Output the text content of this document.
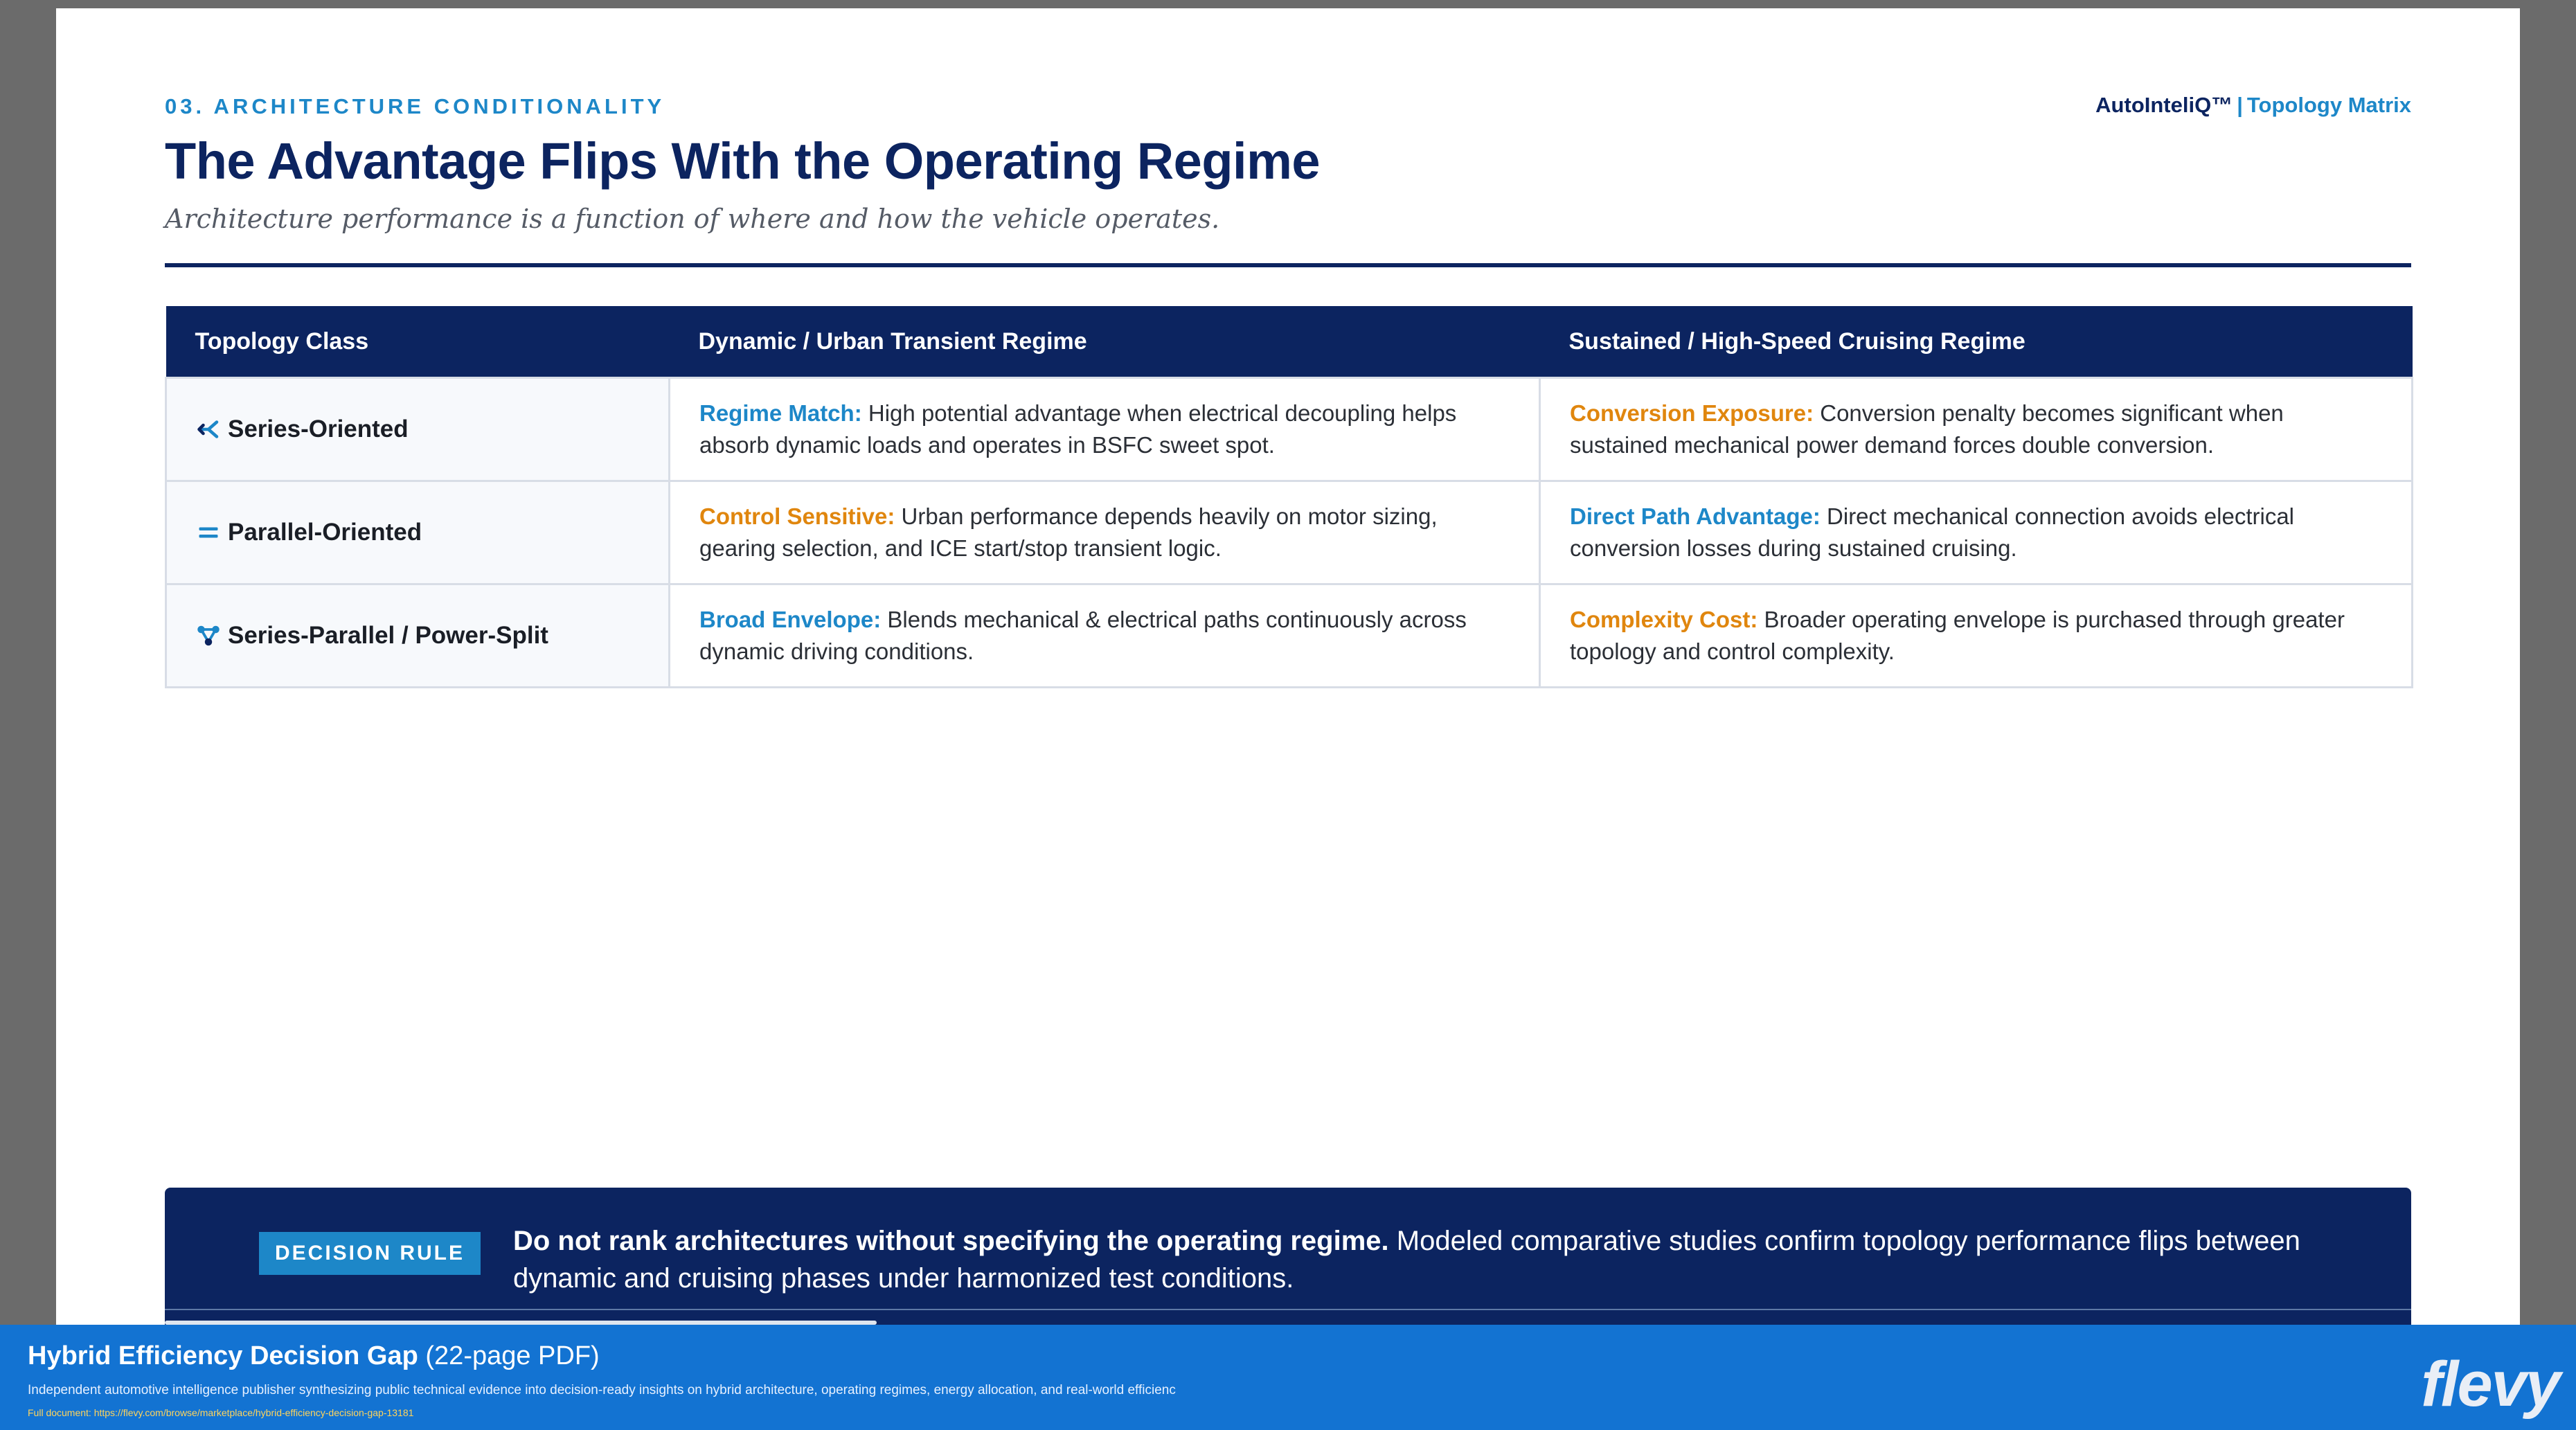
03. ARCHITECTURE CONDITIONALITY	AutoInteliQ™ | Topology Matrix
The Advantage Flips With the Operating Regime
Architecture performance is a function of where and how the vehicle operates.
Topology Class	Dynamic / Urban Transient Regime	Sustained / High-Speed Cruising Regime

Series-Oriented	Regime Match: High potential advantage when electrical decoupling helps absorb dynamic loads and operates in BSFC sweet spot.	Conversion Exposure: Conversion penalty becomes significant when sustained mechanical power demand forces double conversion.

Parallel-Oriented	Control Sensitive: Urban performance depends heavily on motor sizing, gearing selection, and ICE start/stop transient logic.	Direct Path Advantage: Direct mechanical connection avoids electrical conversion losses during sustained cruising.

Series-Parallel / Power-Split	Broad Envelope: Blends mechanical & electrical paths continuously across dynamic driving conditions.	Complexity Cost: Broader operating envelope is purchased through greater topology and control complexity.
DECISION RULE	Do not rank architectures without specifying the operating regime. Modeled comparative studies confirm topology performance flips between dynamic and cruising phases under harmonized test conditions.
Hybrid Efficiency Decision Gap (22-page PDF)
Independent automotive intelligence publisher synthesizing public technical evidence into decision-ready insights on hybrid architecture, operating regimes, energy allocation, and real-world efficienc
Full document: https://flevy.com/browse/marketplace/hybrid-efficiency-decision-gap-13181	flevy
